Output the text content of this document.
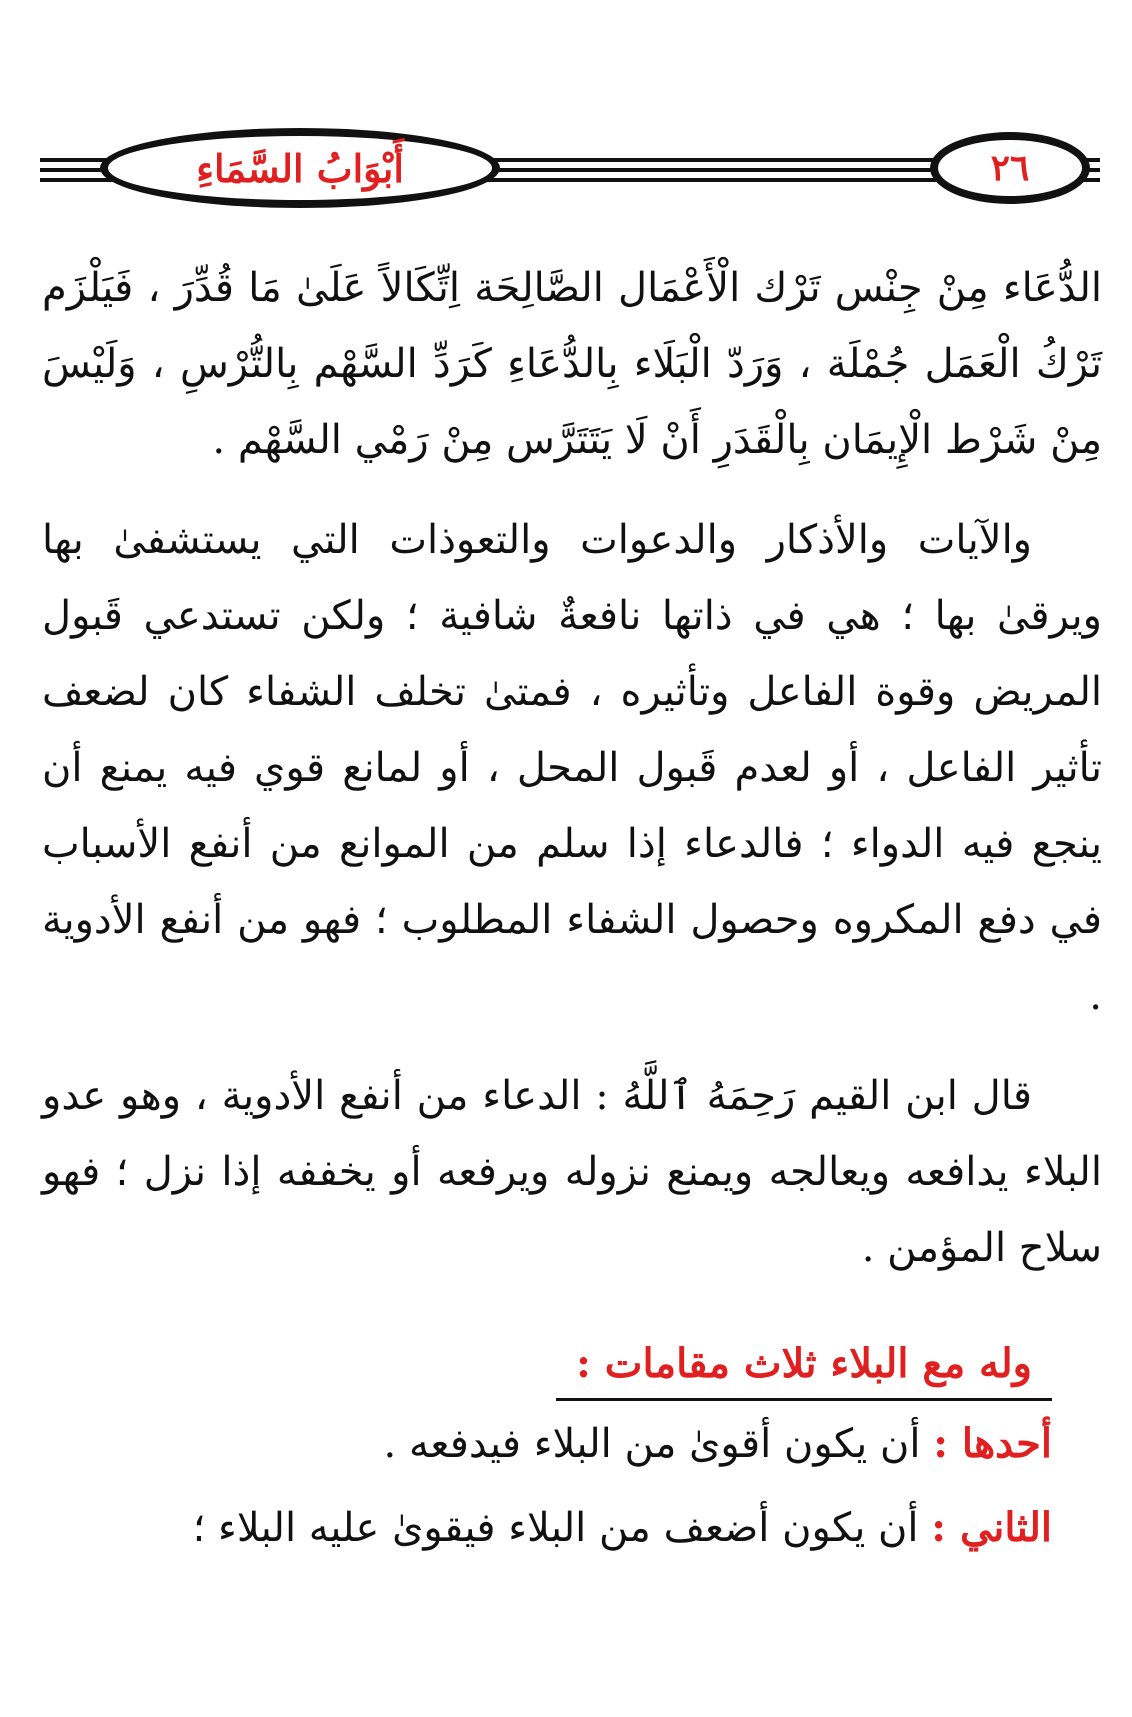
أَبْوَابُ السَّمَاءِ	٢٦

الدُّعَاء مِنْ جِنْس تَرْك الْأَعْمَال الصَّالِحَة اِتِّكَالاً عَلَىٰ مَا قُدِّرَ ، فَيَلْزَم تَرْكُ الْعَمَل جُمْلَة ، وَرَدّ الْبَلَاء بِالدُّعَاءِ كَرَدِّ السَّهْم بِالتُّرْسِ ، وَلَيْسَ مِنْ شَرْط الْإِيمَان بِالْقَدَرِ أَنْ لَا يَتَتَرَّس مِنْ رَمْي السَّهْم .

والآيات والأذكار والدعوات والتعوذات التي يستشفىٰ بها ويرقىٰ بها ؛ هي في ذاتها نافعةٌ شافية ؛ ولكن تستدعي قَبول المريض وقوة الفاعل وتأثيره ، فمتىٰ تخلف الشفاء كان لضعف تأثير الفاعل ، أو لعدم قَبول المحل ، أو لمانع قوي فيه يمنع أن ينجع فيه الدواء ؛ فالدعاء إذا سلم من الموانع من أنفع الأسباب في دفع المكروه وحصول الشفاء المطلوب ؛ فهو من أنفع الأدوية .

قال ابن القيم رَحِمَهُ ٱللَّهُ : الدعاء من أنفع الأدوية ، وهو عدو البلاء يدافعه ويعالجه ويمنع نزوله ويرفعه أو يخففه إذا نزل ؛ فهو سلاح المؤمن .

وله مع البلاء ثلاث مقامات :

أحدها : أن يكون أقوىٰ من البلاء فيدفعه .

الثاني : أن يكون أضعف من البلاء فيقوىٰ عليه البلاء ؛
